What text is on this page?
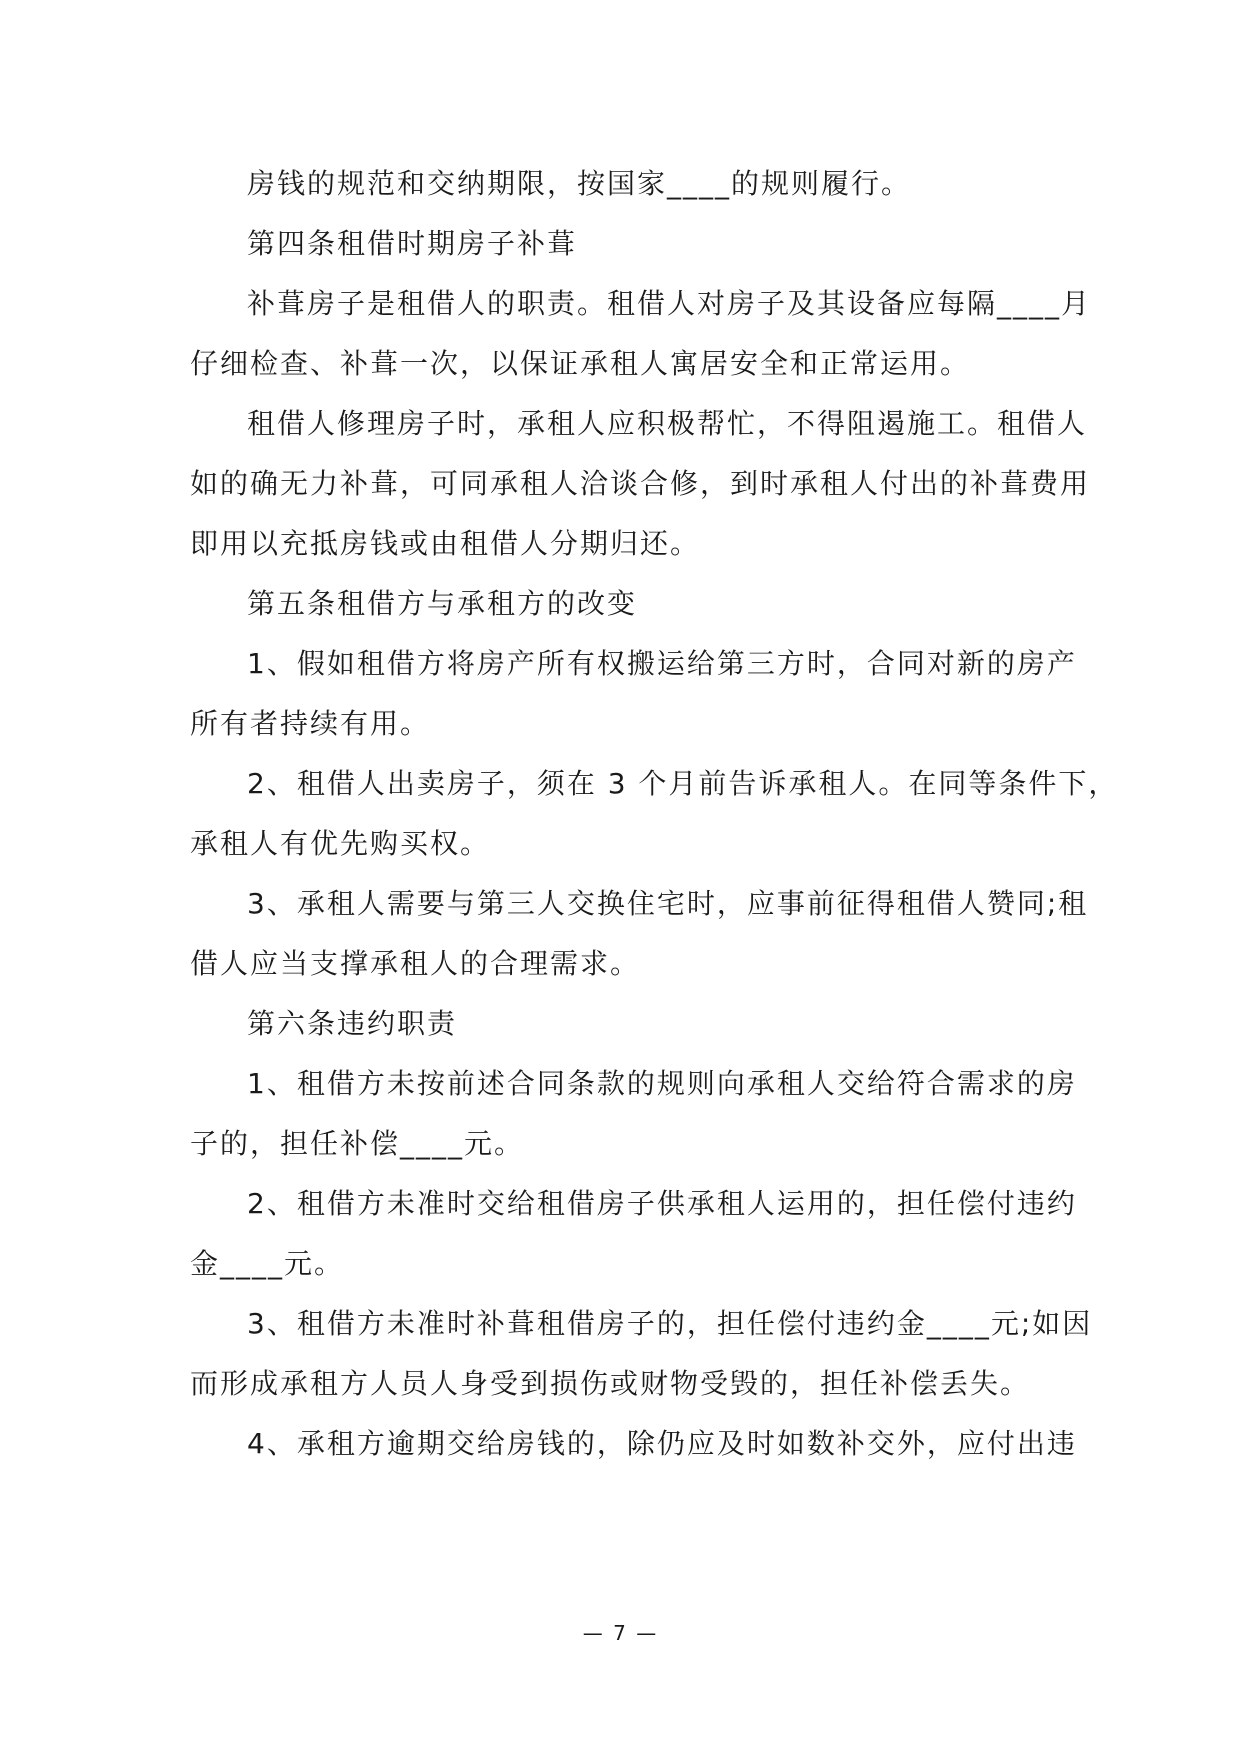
房钱的规范和交纳期限，按国家____的规则履行。
第四条租借时期房子补葺
补葺房子是租借人的职责。租借人对房子及其设备应每隔____月
仔细检查、补葺一次，以保证承租人寓居安全和正常运用。
租借人修理房子时，承租人应积极帮忙，不得阻遏施工。租借人
如的确无力补葺，可同承租人洽谈合修，到时承租人付出的补葺费用
即用以充抵房钱或由租借人分期归还。
第五条租借方与承租方的改变
1、假如租借方将房产所有权搬运给第三方时，合同对新的房产
所有者持续有用。
2、租借人出卖房子，须在 3 个月前告诉承租人。在同等条件下，
承租人有优先购买权。
3、承租人需要与第三人交换住宅时，应事前征得租借人赞同;租
借人应当支撑承租人的合理需求。
第六条违约职责
1、租借方未按前述合同条款的规则向承租人交给符合需求的房
子的，担任补偿____元。
2、租借方未准时交给租借房子供承租人运用的，担任偿付违约
金____元。
3、租借方未准时补葺租借房子的，担任偿付违约金____元;如因
而形成承租方人员人身受到损伤或财物受毁的，担任补偿丢失。
4、承租方逾期交给房钱的，除仍应及时如数补交外，应付出违
— 7 —
